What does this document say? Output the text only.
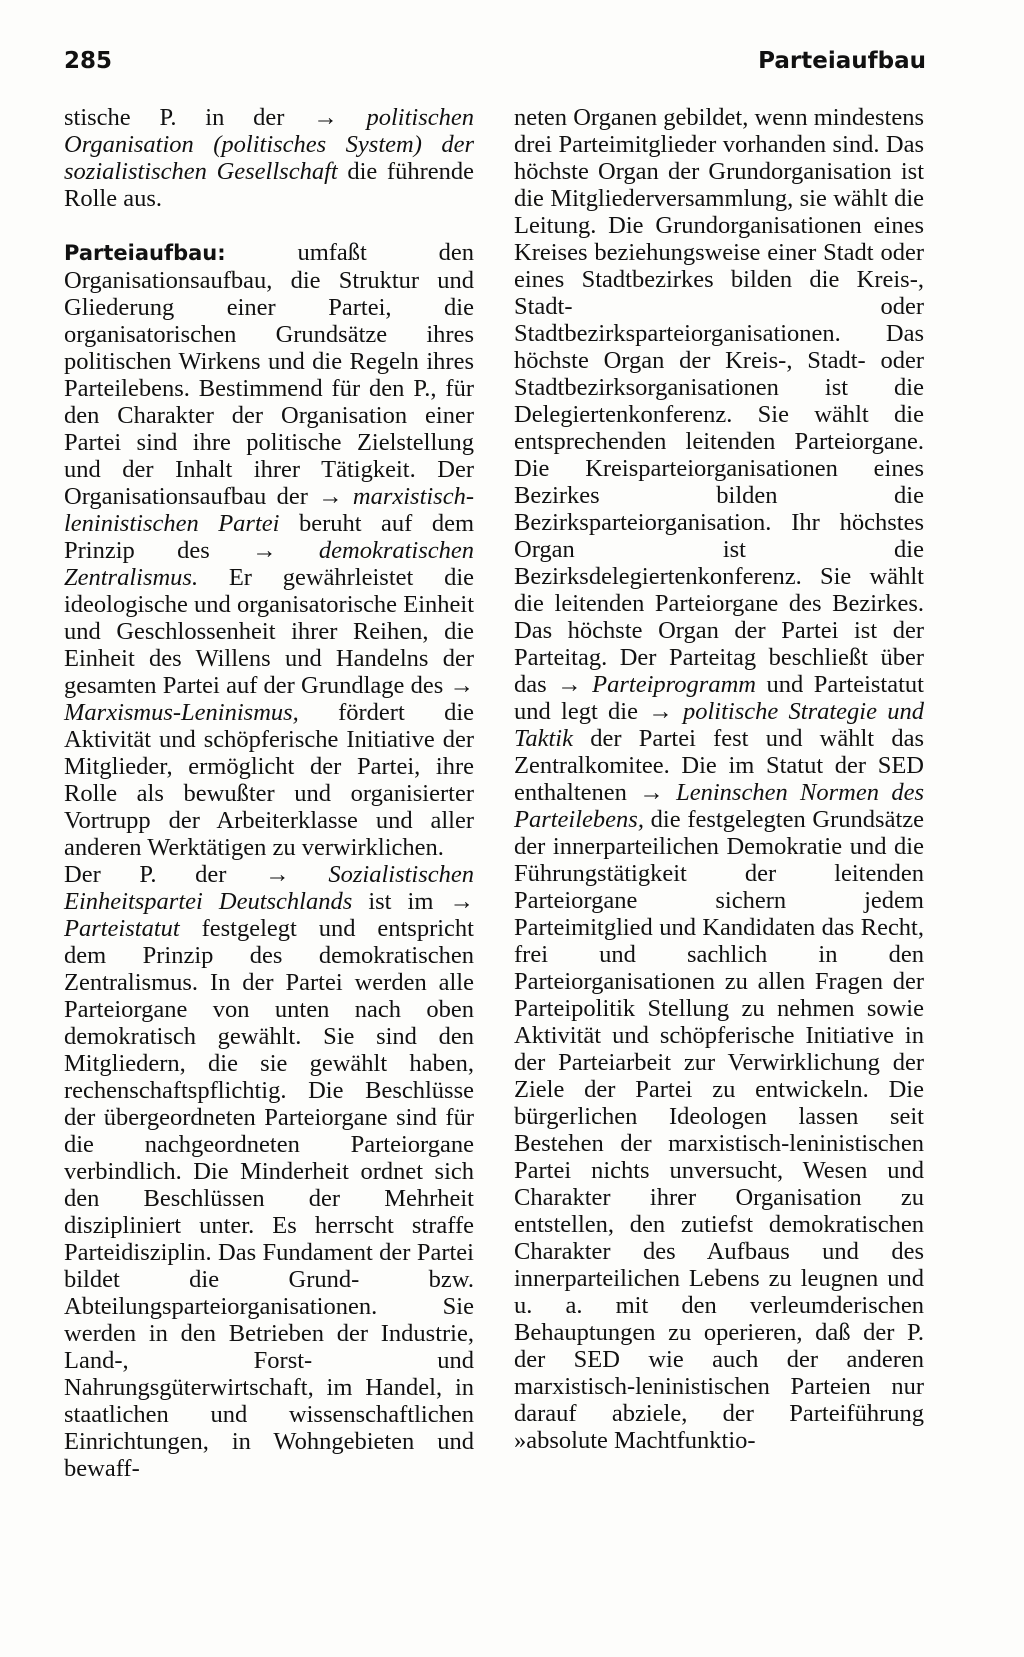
285	Parteiaufbau

stische P. in der → politischen Organisation (politisches System) der sozialistischen Gesellschaft die führende Rolle aus.

Parteiaufbau: umfaßt den Organisationsaufbau, die Struktur und Gliederung einer Partei, die organisatorischen Grundsätze ihres politischen Wirkens und die Regeln ihres Parteilebens. Bestimmend für den P., für den Charakter der Organisation einer Partei sind ihre politische Zielstellung und der Inhalt ihrer Tätigkeit. Der Organisationsaufbau der → marxistisch-leninistischen Partei beruht auf dem Prinzip des → demokratischen Zentralismus. Er gewährleistet die ideologische und organisatorische Einheit und Geschlossenheit ihrer Reihen, die Einheit des Willens und Handelns der gesamten Partei auf der Grundlage des → Marxismus-Leninismus, fördert die Aktivität und schöpferische Initiative der Mitglieder, ermöglicht der Partei, ihre Rolle als bewußter und organisierter Vortrupp der Arbeiterklasse und aller anderen Werktätigen zu verwirklichen.

Der P. der → Sozialistischen Einheitspartei Deutschlands ist im → Parteistatut festgelegt und entspricht dem Prinzip des demokratischen Zentralismus. In der Partei werden alle Parteiorgane von unten nach oben demokratisch gewählt. Sie sind den Mitgliedern, die sie gewählt haben, rechenschaftspflichtig. Die Beschlüsse der übergeordneten Parteiorgane sind für die nachgeordneten Parteiorgane verbindlich. Die Minderheit ordnet sich den Beschlüssen der Mehrheit diszipliniert unter. Es herrscht straffe Parteidisziplin. Das Fundament der Partei bildet die Grund- bzw. Abteilungsparteiorganisationen. Sie werden in den Betrieben der Industrie, Land-, Forst- und Nahrungsgüterwirtschaft, im Handel, in staatlichen und wissenschaftlichen Einrichtungen, in Wohngebieten und bewaff-

neten Organen gebildet, wenn mindestens drei Parteimitglieder vorhanden sind. Das höchste Organ der Grundorganisation ist die Mitgliederversammlung, sie wählt die Leitung. Die Grundorganisationen eines Kreises beziehungsweise einer Stadt oder eines Stadtbezirkes bilden die Kreis-, Stadt- oder Stadtbezirksparteiorganisationen. Das höchste Organ der Kreis-, Stadt- oder Stadtbezirksorganisationen ist die Delegiertenkonferenz. Sie wählt die entsprechenden leitenden Parteiorgane. Die Kreisparteiorganisationen eines Bezirkes bilden die Bezirksparteiorganisation. Ihr höchstes Organ ist die Bezirksdelegiertenkonferenz. Sie wählt die leitenden Parteiorgane des Bezirkes. Das höchste Organ der Partei ist der Parteitag. Der Parteitag beschließt über das → Parteiprogramm und Parteistatut und legt die → politische Strategie und Taktik der Partei fest und wählt das Zentralkomitee. Die im Statut der SED enthaltenen → Leninschen Normen des Parteilebens, die festgelegten Grundsätze der innerparteilichen Demokratie und die Führungstätigkeit der leitenden Parteiorgane sichern jedem Parteimitglied und Kandidaten das Recht, frei und sachlich in den Parteiorganisationen zu allen Fragen der Parteipolitik Stellung zu nehmen sowie Aktivität und schöpferische Initiative in der Parteiarbeit zur Verwirklichung der Ziele der Partei zu entwickeln. Die bürgerlichen Ideologen lassen seit Bestehen der marxistisch-leninistischen Partei nichts unversucht, Wesen und Charakter ihrer Organisation zu entstellen, den zutiefst demokratischen Charakter des Aufbaus und des innerparteilichen Lebens zu leugnen und u. a. mit den verleumderischen Behauptungen zu operieren, daß der P. der SED wie auch der anderen marxistisch-leninistischen Parteien nur darauf abziele, der Parteiführung »absolute Machtfunktio-
